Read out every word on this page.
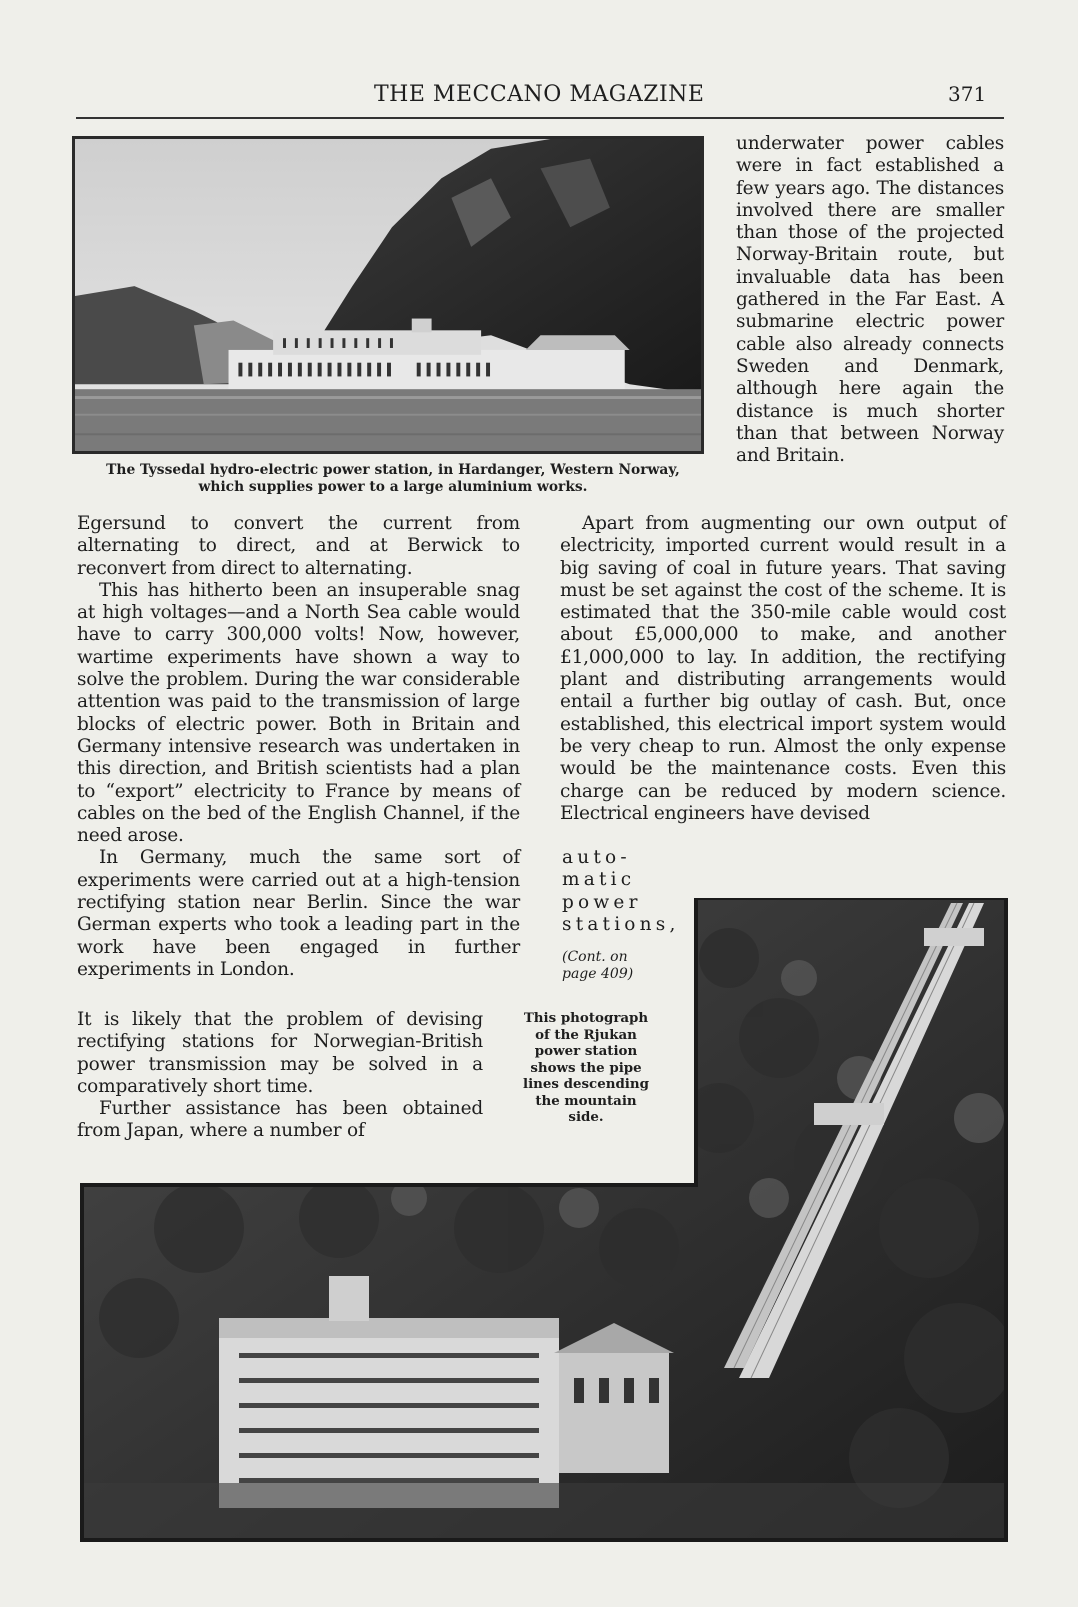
THE MECCANO MAGAZINE	371
The Tyssedal hydro-electric power station, in Hardanger, Western Norway,
which supplies power to a large aluminium works.

underwater power cables were in fact established a few years ago. The distances involved there are smaller than those of the projected Norway-Britain route, but invaluable data has been gathered in the Far East. A submarine electric power cable also already connects Sweden and Denmark, although here again the distance is much shorter than that between Norway and Britain.

Egersund to convert the current from alternating to direct, and at Berwick to reconvert from direct to alternating.

This has hitherto been an insuperable snag at high voltages—and a North Sea cable would have to carry 300,000 volts! Now, however, wartime experiments have shown a way to solve the problem. During the war considerable attention was paid to the transmission of large blocks of electric power. Both in Britain and Germany intensive research was undertaken in this direction, and British scientists had a plan to “export” electricity to France by means of cables on the bed of the English Channel, if the need arose.

In Germany, much the same sort of experiments were carried out at a high-tension rectifying station near Berlin. Since the war German experts who took a leading part in the work have been engaged in further experiments in London.

It is likely that the problem of devising rectifying stations for Norwegian-British power transmission may be solved in a comparatively short time.

Further assistance has been obtained from Japan, where a number of

Apart from augmenting our own output of electricity, imported current would result in a big saving of coal in future years. That saving must be set against the cost of the scheme. It is estimated that the 350-mile cable would cost about £5,000,000 to make, and another £1,000,000 to lay. In addition, the rectifying plant and distributing arrangements would entail a further big outlay of cash. But, once established, this electrical import system would be very cheap to run. Almost the only expense would be the maintenance costs. Even this charge can be reduced by modern science. Electrical engineers have devised

auto-
matic
power
stations,
(Cont. on
page 409)
This photograph
of the Rjukan
power station
shows the pipe
lines descending
the mountain
side.
